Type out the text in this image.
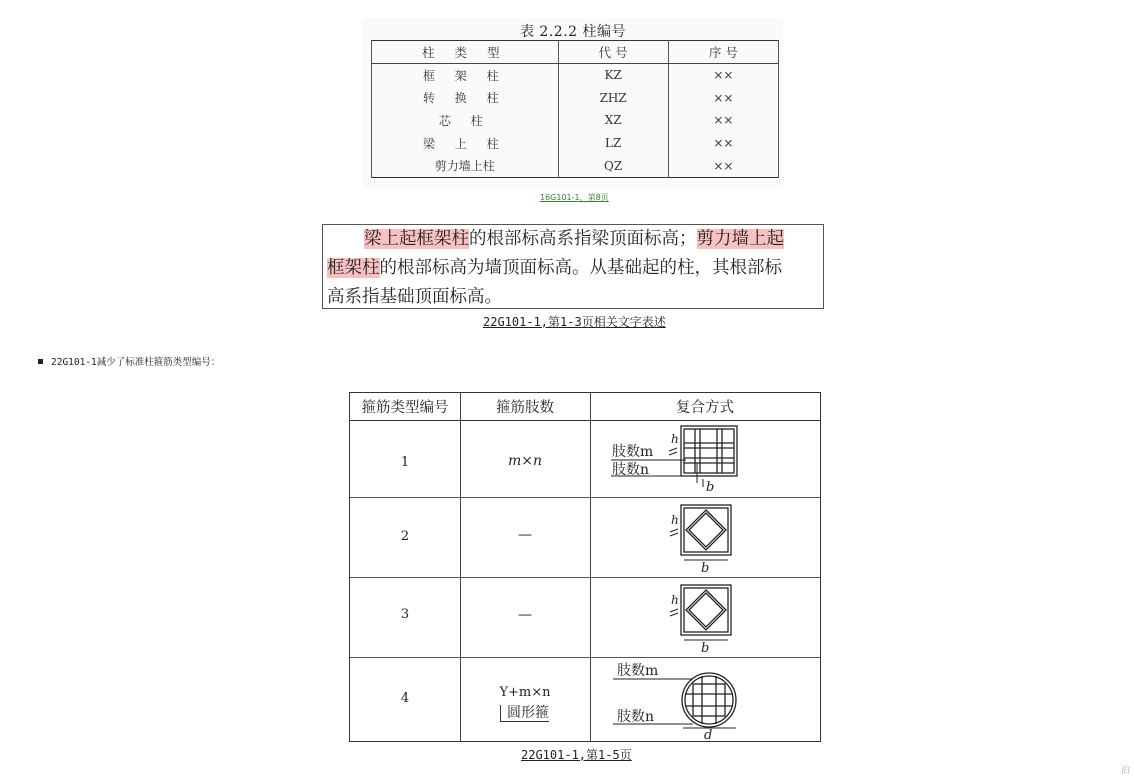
表 2.2.2 柱编号
柱 类 型	代 号	序 号
框 架 柱	KZ	××
转 换 柱	ZHZ	××
芯 柱	XZ	××
梁 上 柱	LZ	××
剪力墙上柱	QZ	××
16G101-1，第8页
梁上起框架柱的根部标高系指梁顶面标高；剪力墙上起
框架柱的根部标高为墙顶面标高。从基础起的柱，其根部标
高系指基础顶面标高。
22G101-1,第1-3页相关文字表述
22G101-1减少了标准柱箍筋类型编号：
箍筋类型编号	箍筋肢数	复合方式
1	m×n
肢数m
肢数n
h
b
2	—
h
b
3	—
h
b
4	Y+m×n
圆形箍
肢数m
肢数n
d
22G101-1,第1-5页
泊
